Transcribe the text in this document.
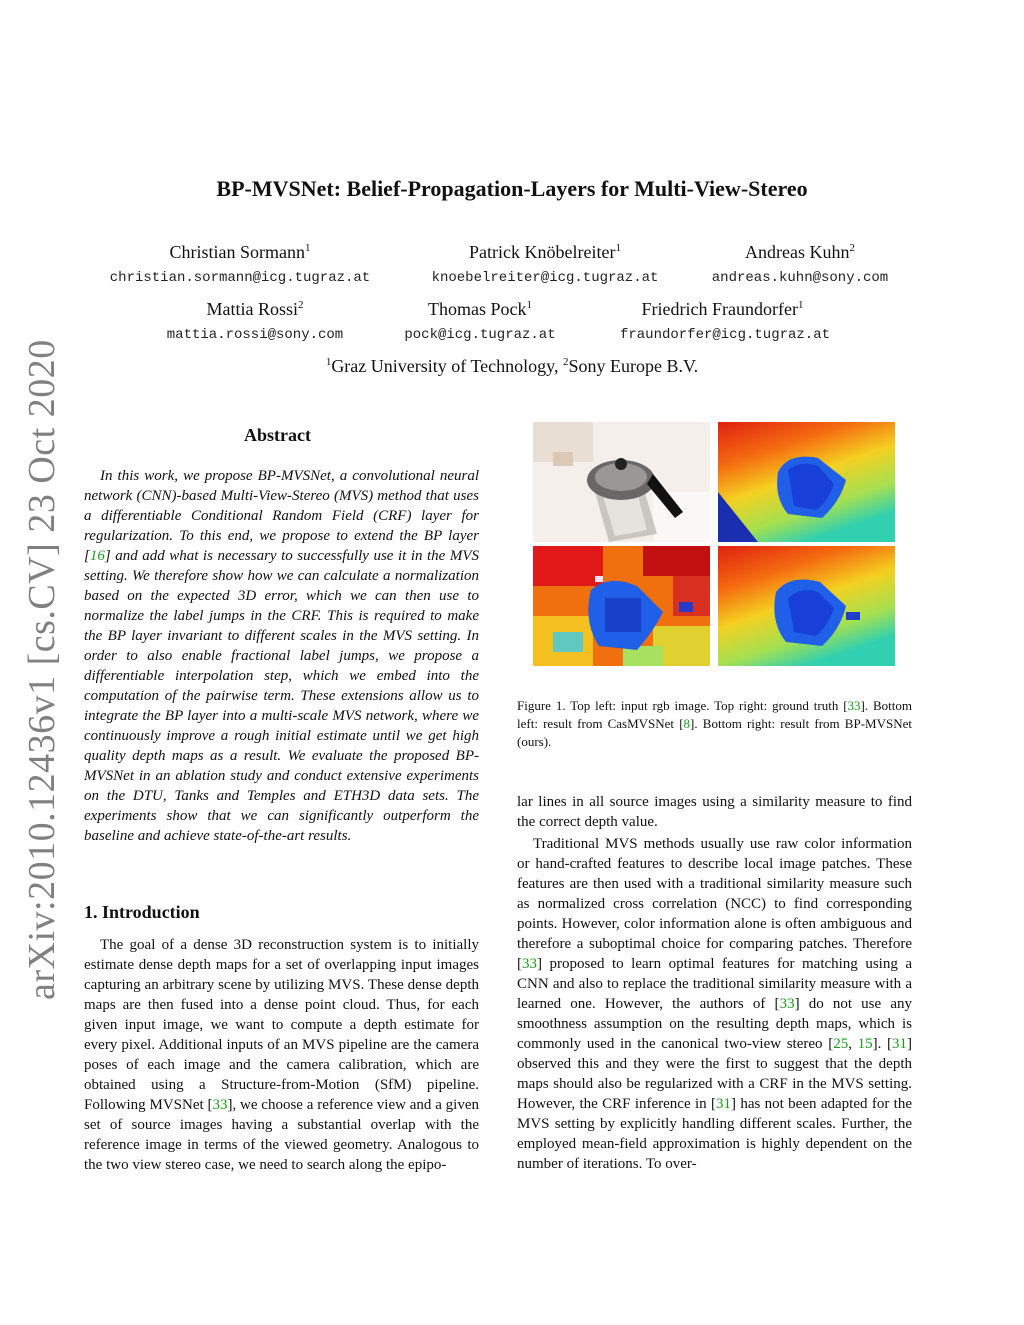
arXiv:2010.12436v1 [cs.CV] 23 Oct 2020
BP-MVSNet: Belief-Propagation-Layers for Multi-View-Stereo
Christian Sormann$^1$
christian.sormann@icg.tugraz.at
Patrick Knöbelreiter$^1$
knoebelreiter@icg.tugraz.at
Andreas Kuhn$^2$
andreas.kuhn@sony.com
Mattia Rossi$^2$
mattia.rossi@sony.com
Thomas Pock$^1$
pock@icg.tugraz.at
Friedrich Fraundorfer$^1$
fraundorfer@icg.tugraz.at
$^1$Graz University of Technology, $^2$Sony Europe B.V.
Abstract

In this work, we propose BP-MVSNet, a convolutional neural network (CNN)-based Multi-View-Stereo (MVS) method that uses a differentiable Conditional Random Field (CRF) layer for regularization. To this end, we propose to extend the BP layer [16] and add what is necessary to successfully use it in the MVS setting. We therefore show how we can calculate a normalization based on the expected 3D error, which we can then use to normalize the label jumps in the CRF. This is required to make the BP layer invariant to different scales in the MVS setting. In order to also enable fractional label jumps, we propose a differentiable interpolation step, which we embed into the computation of the pairwise term. These extensions allow us to integrate the BP layer into a multi-scale MVS network, where we continuously improve a rough initial estimate until we get high quality depth maps as a result. We evaluate the proposed BP-MVSNet in an ablation study and conduct extensive experiments on the DTU, Tanks and Temples and ETH3D data sets. The experiments show that we can significantly outperform the baseline and achieve state-of-the-art results.

1. Introduction

The goal of a dense 3D reconstruction system is to initially estimate dense depth maps for a set of overlapping input images capturing an arbitrary scene by utilizing MVS. These dense depth maps are then fused into a dense point cloud. Thus, for each given input image, we want to compute a depth estimate for every pixel. Additional inputs of an MVS pipeline are the camera poses of each image and the camera calibration, which are obtained using a Structure-from-Motion (SfM) pipeline. Following MVSNet [33], we choose a reference view and a given set of source images having a substantial overlap with the reference image in terms of the viewed geometry. Analogous to the two view stereo case, we need to search along the epipo-

Figure 1. Top left: input rgb image. Top right: ground truth [33]. Bottom left: result from CasMVSNet [8]. Bottom right: result from BP-MVSNet (ours).

lar lines in all source images using a similarity measure to find the correct depth value.

Traditional MVS methods usually use raw color information or hand-crafted features to describe local image patches. These features are then used with a traditional similarity measure such as normalized cross correlation (NCC) to find corresponding points. However, color information alone is often ambiguous and therefore a suboptimal choice for comparing patches. Therefore [33] proposed to learn optimal features for matching using a CNN and also to replace the traditional similarity measure with a learned one. However, the authors of [33] do not use any smoothness assumption on the resulting depth maps, which is commonly used in the canonical two-view stereo [25, 15]. [31] observed this and they were the first to suggest that the depth maps should also be regularized with a CRF in the MVS setting. However, the CRF inference in [31] has not been adapted for the MVS setting by explicitly handling different scales. Further, the employed mean-field approximation is highly dependent on the number of iterations. To over-
